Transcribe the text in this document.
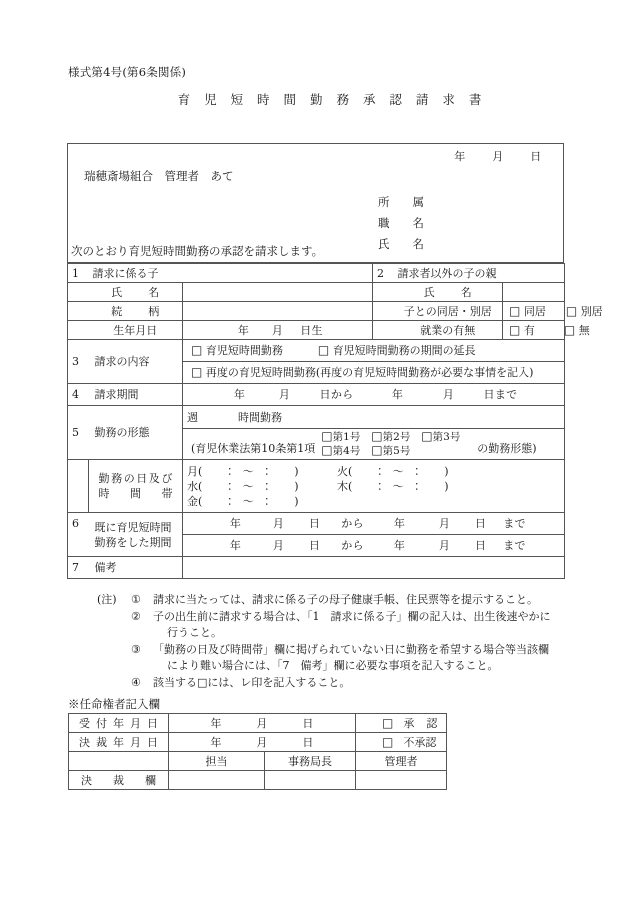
様式第4号(第6条関係)
育 児 短 時 間 勤 務 承 認 請 求 書
年 月 日
瑞穂斎場組合　管理者　あて
所属
職名
氏名
次のとおり育児短時間勤務の承認を請求します。
1	請求に係る子		2	請求者以外の子の親	
	氏名			氏名	
	続柄			子との同居・別居	□ 同居 □ 別居
	生年月日	年 月 日生		就業の有無	□ 有 □ 無
3	請求の内容	□ 育児短時間勤務 □ 育児短時間勤務の期間の延長			
		□ 再度の育児短時間勤務(再度の育児短時間勤務が必要な事情を記入)			
4	請求期間	年 月 日から 年 月 日まで			
5	勤務の形態	週 時間勤務			

		(育児休業法第10条第1項
□第1号 □第2号 □第3号
□第4号 □第5号 の勤務形態)			

勤務の日及び
時間帯

月( ： 〜 ： )	火( ： 〜 ： )
水( ： 〜 ： )	木( ： 〜 ： )
金( ： 〜 ： )

6	既に育児短時間
勤務をした期間	年 月 日 から 年 月 日 まで			
		年 月 日 から 年 月 日 まで			
7	備考				
(注)	①	請求に当たっては、請求に係る子の母子健康手帳、住民票等を提示すること。
②	子の出生前に請求する場合は、「1　請求に係る子」欄の記入は、出生後速やかに
行うこと。
③	「勤務の日及び時間帯」欄に掲げられていない日に勤務を希望する場合等当該欄
により難い場合には、「7　備考」欄に必要な事項を記入すること。
④	該当する□には、レ印を記入すること。
※任命権者記入欄
受付年月日	年 月 日		□ 承認
決裁年月日	年 月 日		□ 不承認
	担当	事務局長	管理者
決裁欄			
